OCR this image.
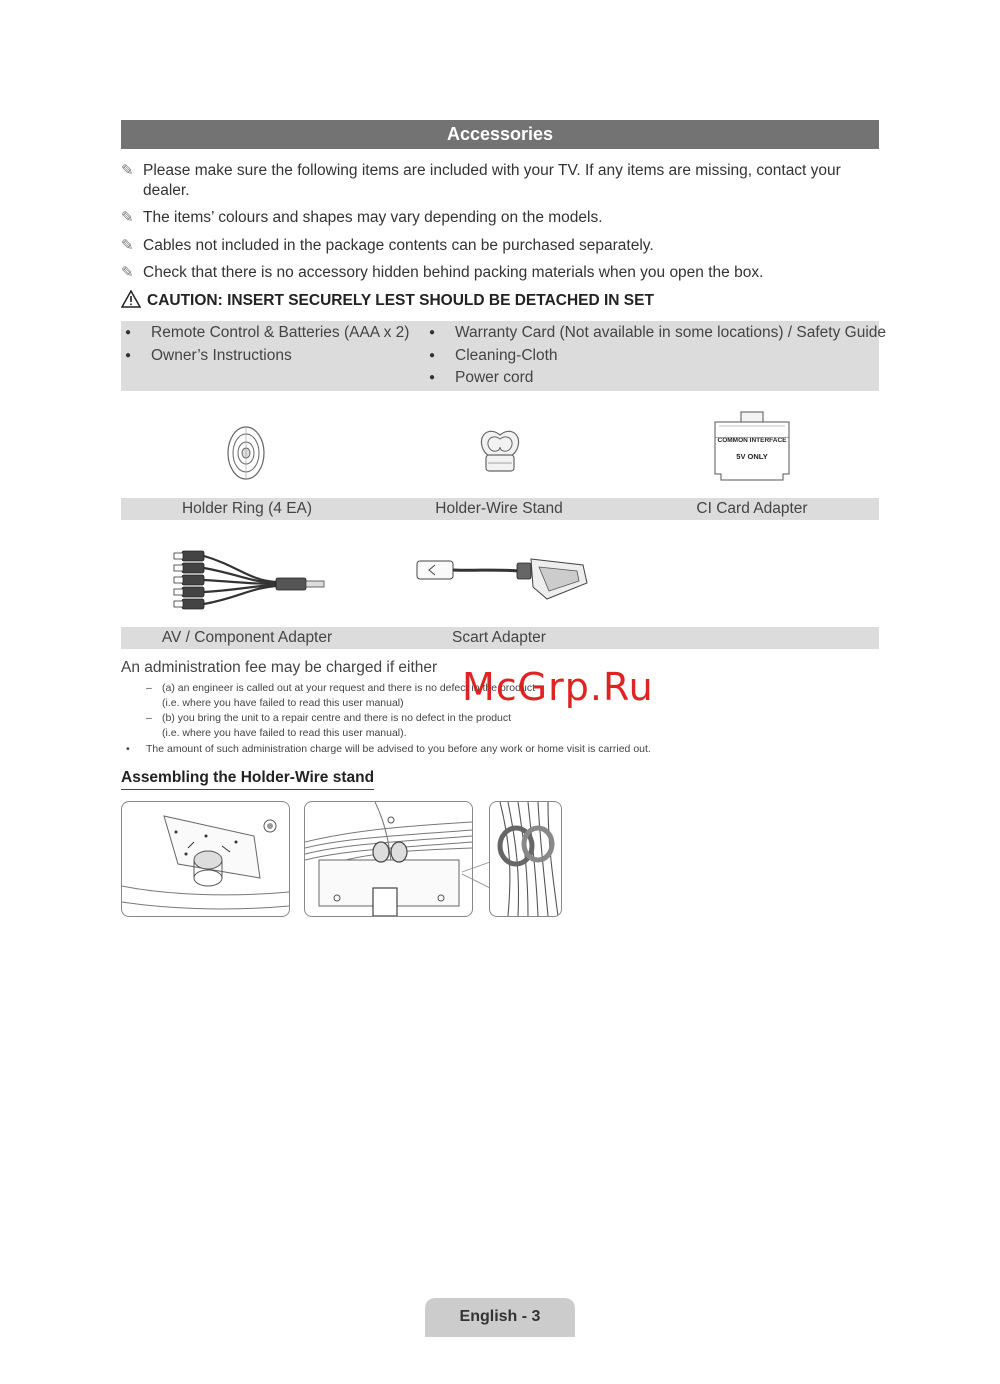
Accessories
✎ Please make sure the following items are included with your TV. If any items are missing, contact your dealer.
✎ The items’ colours and shapes may vary depending on the models.
✎ Cables not included in the package contents can be purchased separately.
✎ Check that there is no accessory hidden behind packing materials when you open the box.
CAUTION: INSERT SECURELY LEST SHOULD BE DETACHED IN SET
● Remote Control & Batteries (AAA x 2)
● Owner’s Instructions
● Warranty Card (Not available in some locations) / Safety Guide
● Cleaning-Cloth
● Power cord
COMMON INTERFACE
5V ONLY
Holder Ring (4 EA)	Holder-Wire Stand	CI Card Adapter
AV / Component Adapter	Scart Adapter
An administration fee may be charged if either
– (a) an engineer is called out at your request and there is no defect in the product
(i.e. where you have failed to read this user manual)
– (b) you bring the unit to a repair centre and there is no defect in the product
(i.e. where you have failed to read this user manual).
• The amount of such administration charge will be advised to you before any work or home visit is carried out.
McGrp.Ru
Assembling the Holder-Wire stand
English - 3
